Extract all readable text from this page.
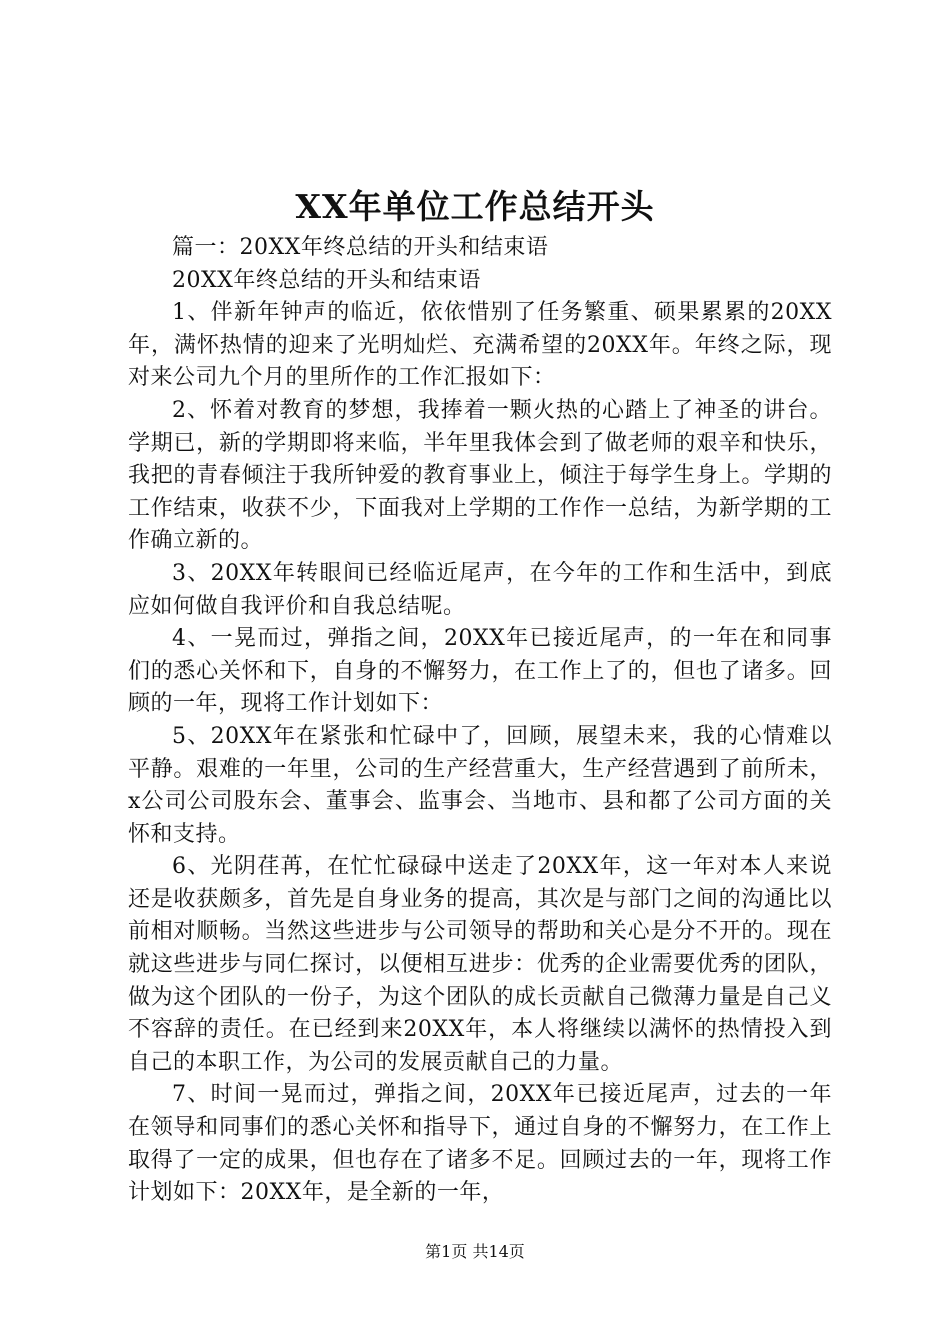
XX年单位工作总结开头

篇一：20XX年终总结的开头和结束语

20XX年终总结的开头和结束语

1、伴新年钟声的临近，依依惜别了任务繁重、硕果累累的20XX年，满怀热情的迎来了光明灿烂、充满希望的20XX年。年终之际，现对来公司九个月的里所作的工作汇报如下：

2、怀着对教育的梦想，我捧着一颗火热的心踏上了神圣的讲台。学期已，新的学期即将来临，半年里我体会到了做老师的艰辛和快乐，我把的青春倾注于我所钟爱的教育事业上，倾注于每学生身上。学期的工作结束，收获不少，下面我对上学期的工作作一总结，为新学期的工作确立新的。

3、20XX年转眼间已经临近尾声，在今年的工作和生活中，到底应如何做自我评价和自我总结呢。

4、一晃而过，弹指之间，20XX年已接近尾声，的一年在和同事们的悉心关怀和下，自身的不懈努力，在工作上了的，但也了诸多。回顾的一年，现将工作计划如下：

5、20XX年在紧张和忙碌中了，回顾，展望未来，我的心情难以平静。艰难的一年里，公司的生产经营重大，生产经营遇到了前所未，x公司公司股东会、董事会、监事会、当地市、县和都了公司方面的关怀和支持。

6、光阴荏苒，在忙忙碌碌中送走了20XX年，这一年对本人来说还是收获颇多，首先是自身业务的提高，其次是与部门之间的沟通比以前相对顺畅。当然这些进步与公司领导的帮助和关心是分不开的。现在就这些进步与同仁探讨，以便相互进步：优秀的企业需要优秀的团队，做为这个团队的一份子，为这个团队的成长贡献自己微薄力量是自己义不容辞的责任。在已经到来20XX年，本人将继续以满怀的热情投入到自己的本职工作，为公司的发展贡献自己的力量。

7、时间一晃而过，弹指之间，20XX年已接近尾声，过去的一年在领导和同事们的悉心关怀和指导下，通过自身的不懈努力，在工作上取得了一定的成果，但也存在了诸多不足。回顾过去的一年，现将工作计划如下：20XX年，是全新的一年，

第1页 共14页
